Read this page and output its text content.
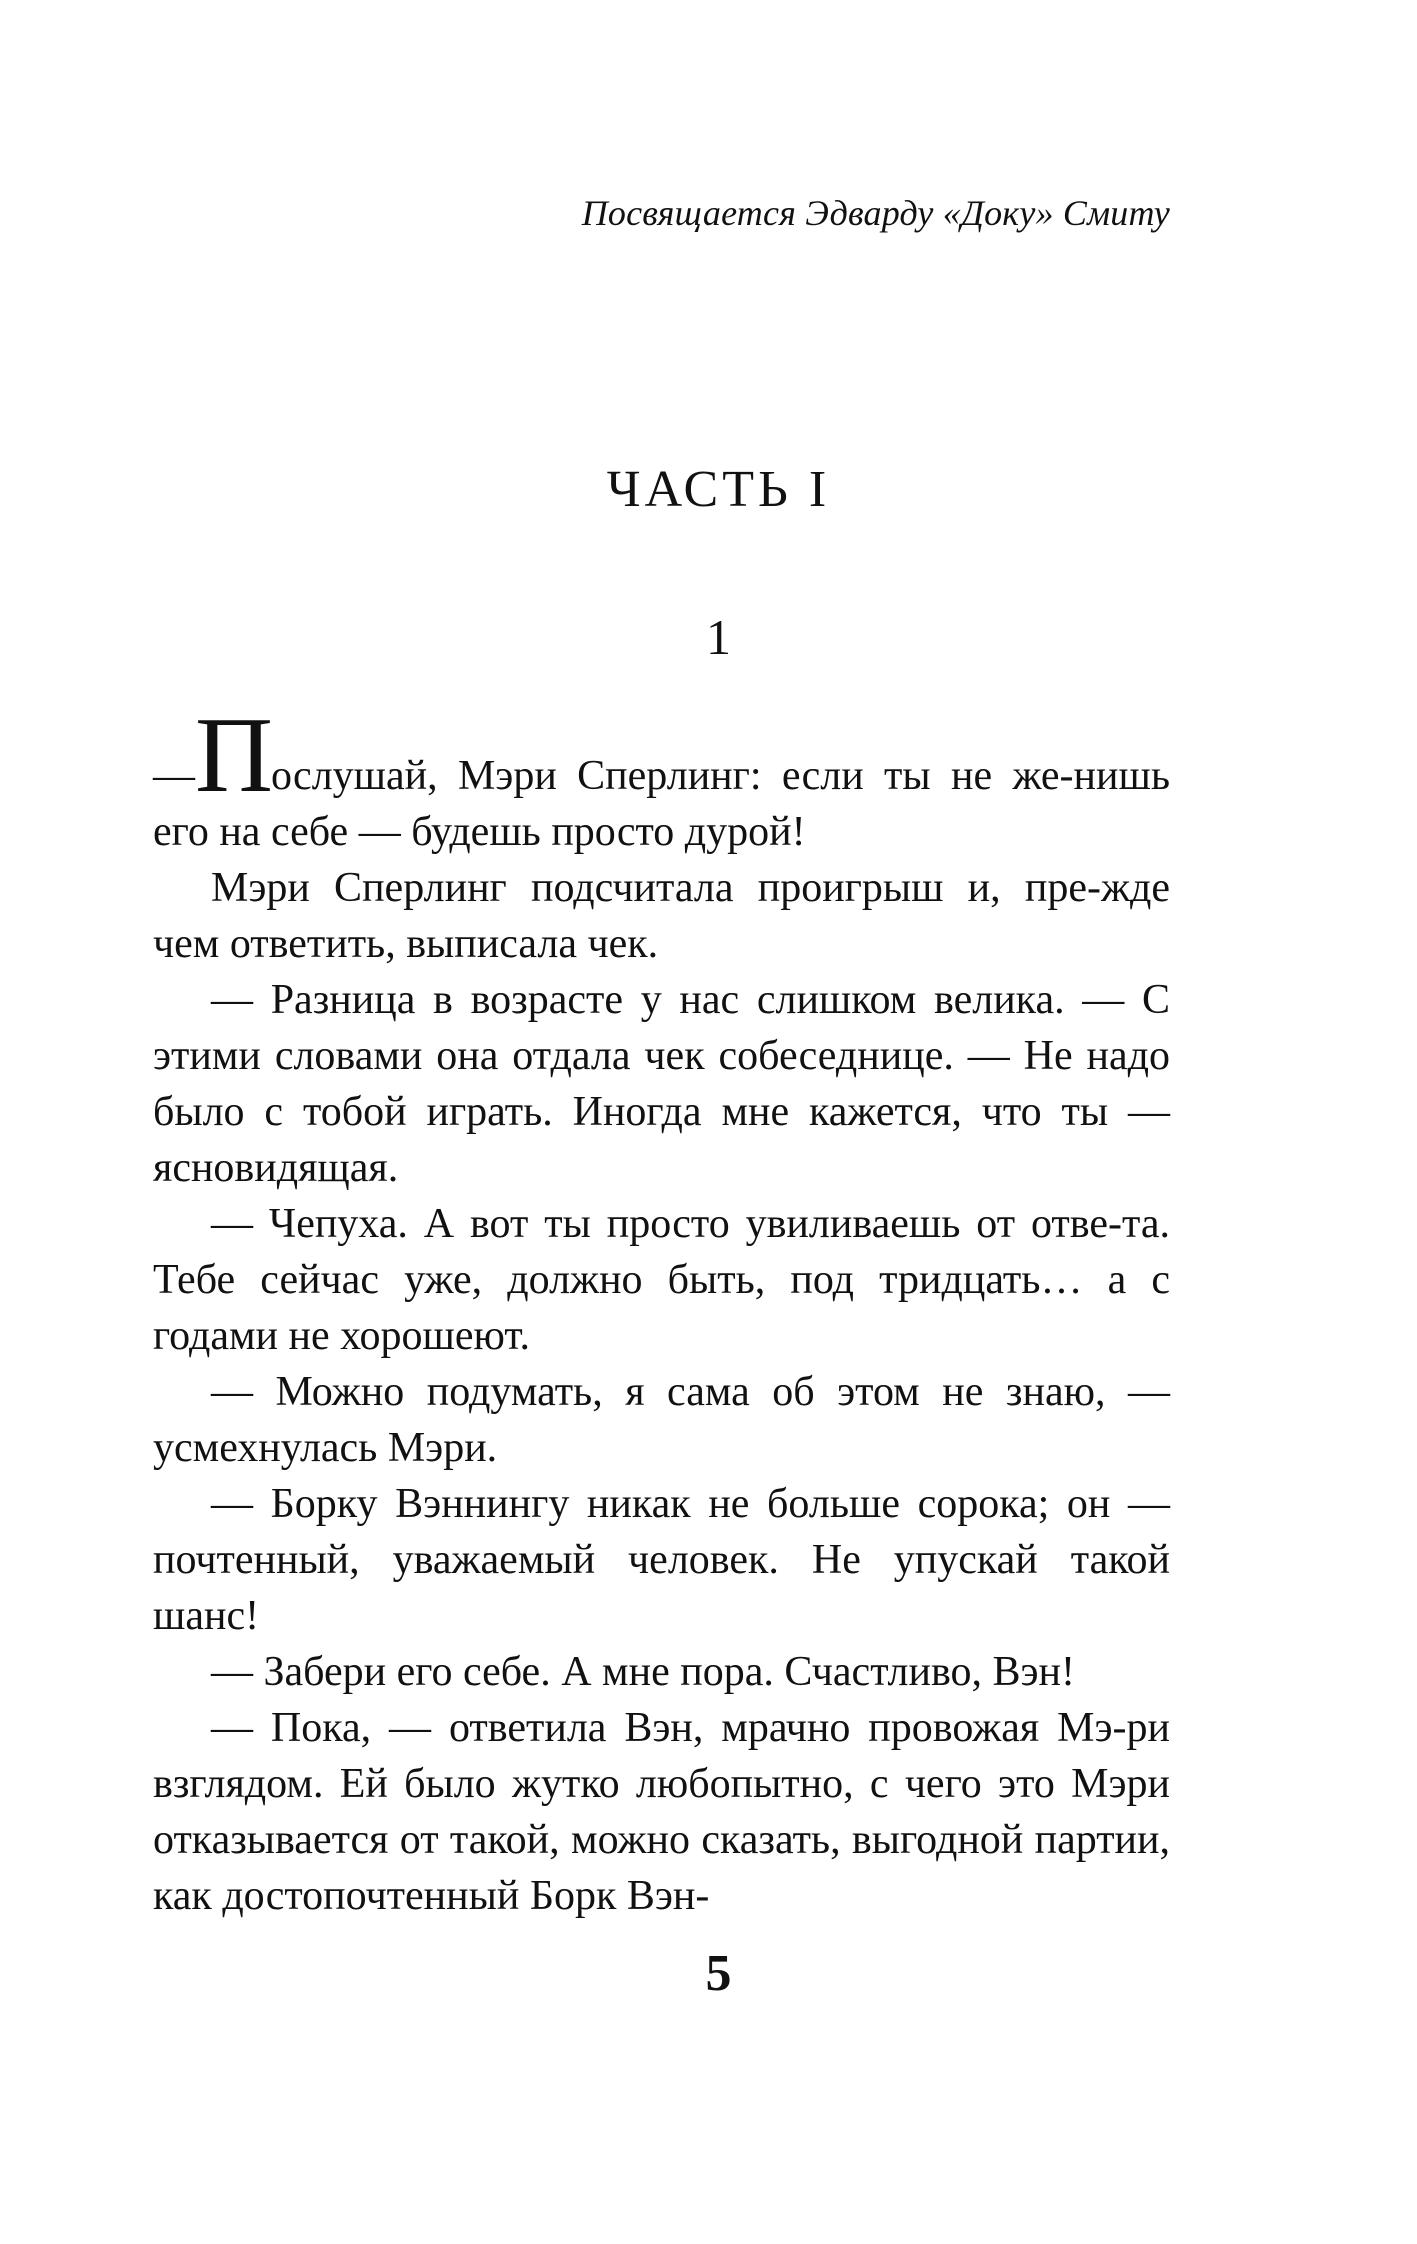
Посвящается Эдварду «Доку» Смиту
ЧАСТЬ I
1

—Послушай, Мэри Сперлинг: если ты не же-нишь его на себе — будешь просто дурой!

Мэри Сперлинг подсчитала проигрыш и, пре-жде чем ответить, выписала чек.

— Разница в возрасте у нас слишком велика. — С этими словами она отдала чек собеседнице. — Не надо было с тобой играть. Иногда мне кажется, что ты — ясновидящая.

— Чепуха. А вот ты просто увиливаешь от отве-та. Тебе сейчас уже, должно быть, под тридцать… а с годами не хорошеют.

— Можно подумать, я сама об этом не знаю, — усмехнулась Мэри.

— Борку Вэннингу никак не больше сорока; он — почтенный, уважаемый человек. Не упускай такой шанс!

— Забери его себе. А мне пора. Счастливо, Вэн!

— Пока, — ответила Вэн, мрачно провожая Мэ-ри взглядом. Ей было жутко любопытно, с чего это Мэри отказывается от такой, можно сказать, выгодной партии, как достопочтенный Борк Вэн-

5
